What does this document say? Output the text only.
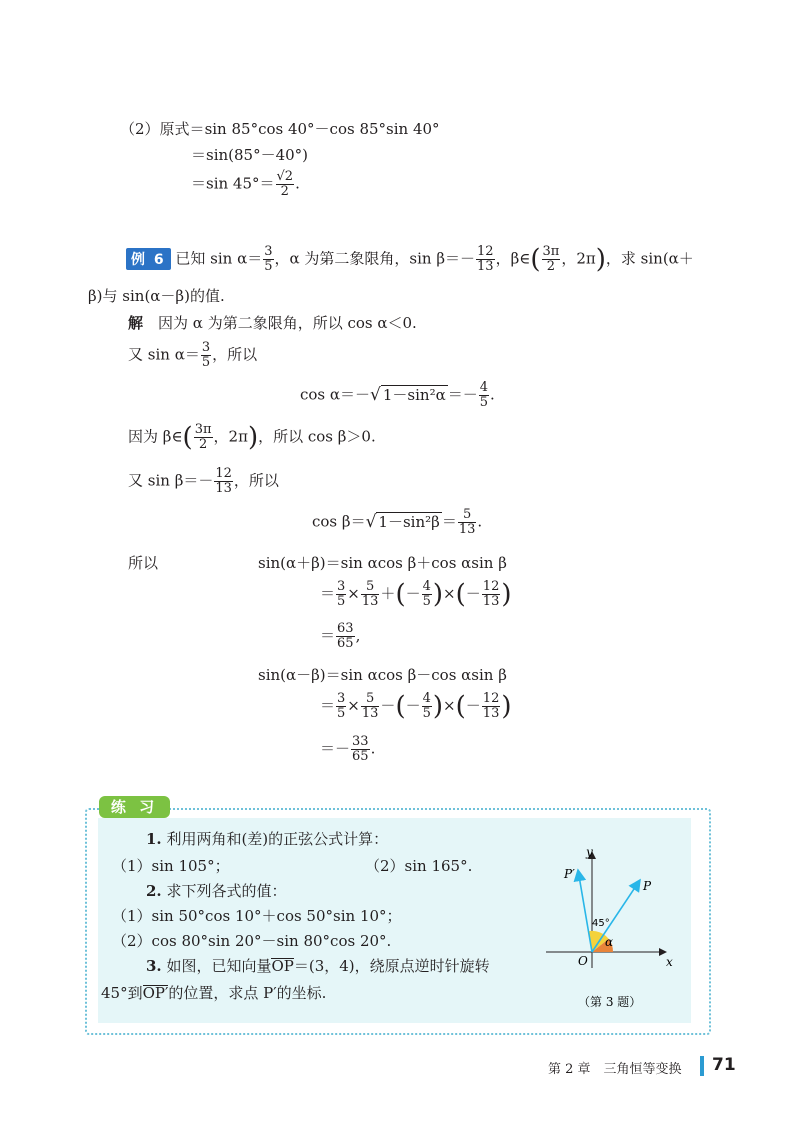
（2）原式＝sin 85°cos 40°－cos 85°sin 40°
＝sin(85°－40°)
＝sin $45^\circ= \frac{√2}{2}$ .
例 6 已知 $\sin \alpha= \frac{3}{5}$ ，α 为第二象限角，$\sin \beta=- \frac{12}{13}$ ，β∈( $\frac{3\pi}{2}$ ，2π)，求 sin(α＋
β)与 sin(α－β)的值.
解　 因为 α 为第二象限角，所以 cos α＜0.
又 $\sin \alpha= \frac{3}{5}$ ，所以
cos α＝－√ $1-\sin^2\alpha =- \frac{4}{5}$ .
因为 β∈( $\frac{3\pi}{2}$ ，2π)，所以 cos β＞0.
又 $\sin \beta=- \frac{12}{13}$ ，所以
cos β＝√ $1-\sin^2\beta = \frac{5}{13}$ .
所以	sin(α＋β)＝sin αcos β＋cos αsin β
＝ $\frac{3}{5} \times \frac{5}{13}$ ＋(－ $\frac{4}{5}$ )×(－ $\frac{12}{13}$ )
＝ $\frac{63}{65}$ ,
sin(α－β)＝sin αcos β－cos αsin β
＝ $\frac{3}{5} \times \frac{5}{13}$ －(－ $\frac{4}{5}$ )×(－ $\frac{12}{13}$ )
＝－ $\frac{33}{65}$ .
练 习
1. 利用两角和(差)的正弦公式计算：
（1）sin 105°；	（2）sin 165°.
2. 求下列各式的值：
（1）sin 50°cos 10°＋cos 50°sin 10°；
（2）cos 80°sin 20°－sin 80°cos 20°.
3. 如图，已知向量OP＝(3，4)，绕原点逆时针旋转
45°到OP′的位置，求点 P′的坐标.
y
x
O
P
P′
45°
α
（第 3 题）
第 2 章　三角恒等变换 71
